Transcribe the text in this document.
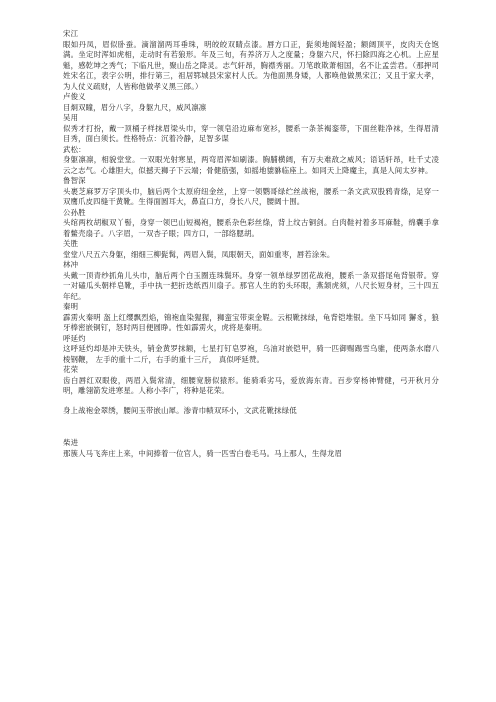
宋江
眼如丹凤，眉似卧蚕。滴溜溜两耳垂珠，明皎皎双睛点漆。唇方口正，髭须地阁轻盈；额阔顶平，皮肉天仓饱满。坐定时浑如虎相，走动时有若狼形。年及三旬，有养济万人之度量；身躯六尺，怀扫除四海之心机。上应星魁，感乾坤之秀气；下临凡世，聚山岳之降灵。志气轩昂，胸襟秀丽。刀笔敢欺萧相国，名不让孟尝君。（那押司姓宋名江，表字公明，排行第三，祖居郓城县宋家村人氏。为他面黑身矮，人都唤他做黑宋江；又且于家大孝，为人仗义疏财，人皆称他做孝义黑三郎。）
卢俊义
目炯双瞳，眉分八字，身躯九尺，威风凛凛
吴用
似秀才打扮，戴一顶桶子样抹眉梁头巾，穿一领皂沿边麻布宽衫，腰系一条茶褐銮带，下面丝鞋净袜，生得眉清目秀，面白须长。性格特点：沉着冷静，足智多谋
武松：
身躯凛凛，相貌堂堂。一双眼光射寒星，两弯眉浑如刷漆。胸脯横阔，有万夫难敌之威风；语话轩昂，吐千丈凌云之志气。心雄胆大，似撼天狮子下云端；骨健筋强，如摇地貔貅临座上。如同天上降魔主，真是人间太岁神。
鲁智深
头裹芝麻罗万字顶头巾，脑后两个太原府纽金丝，上穿一领鹦哥绿纻丝战袍，腰系一条文武双股鸦青绦，足穿一双鹰爪皮四缝干黄靴。生得面圆耳大，鼻直口方，身长八尺，腰阔十围。
公孙胜
头绾两枚胡椒双丫髻，身穿一领巴山短褐袍，腰系杂色彩丝绦，背上纹古铜剑。白肉鞋衬着多耳麻鞋，绵囊手拿着鳖壳扇子。八字眉，一双杏子眼；四方口，一部络腮胡。
关胜
堂堂八尺五六身躯，细细三柳髭髯，两眉入鬓，凤眼朝天，面如重枣，唇若涂朱。
林冲
头戴一顶青纱抓角儿头巾，脑后两个白玉圈连珠鬓环。身穿一领单绿罗团花战袍，腰系一条双搭尾龟背银带。穿一对磕瓜头朝样皂靴，手中执一把折迭纸西川扇子。那官人生的豹头环眼，燕颔虎须，八尺长短身材，三十四五年纪。
秦明
霹雳火秦明 盔上红缨飘烈焰，锦袍血染猩猩，狮蛮宝带束金鞓。云根靴抹绿，龟背铠堆银。坐下马如同 獬豸，狼牙棒密嵌铜钉，怒时两目便圆睁。性如霹雳火，虎将是秦明。
呼延灼
这呼延灼却是冲天铁头，销金黄罗抹额，七星打钉皂罗袍，乌油对嵌铠甲，骑一匹御赐踢雪乌骓，使两条水磨八棱钢鞭， 左手的重十二斤，右手的重十三斤， 真似呼延赞。
花荣
齿白唇红双眼俊，两眉入鬓常清，细腰宽膀似猿形。能骑乖劣马，爱放海东青。百步穿杨神臂健，弓开秋月分明，雕翎箭发进寒星。人称小李广，将种是花荣。
身上战袍金翠绣，腰间玉带嵌山犀。渗青巾帻双环小，文武花靴抹绿低
柴进
那簇人马飞奔庄上来，中间捧着一位官人，骑一匹雪白卷毛马。马上那人，生得龙眉
